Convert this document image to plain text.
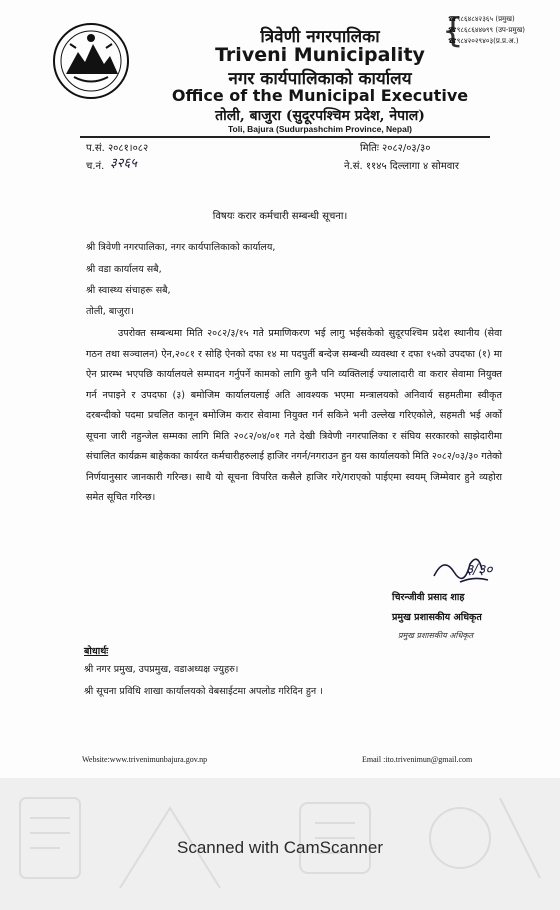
{
☎९८६४८४२३६५ (प्रमुख)
☎९८६८६४४७९९ (उप-प्रमुख)
☎९८४२०२९४०३(प्र.प्र.अ.)
त्रिवेणी नगरपालिका
Triveni Municipality
नगर कार्यपालिकाको कार्यालय
Office of the Municipal Executive
तोली, बाजुरा (सुदूरपश्चिम प्रदेश, नेपाल)
Toli, Bajura (Sudurpashchim Province, Nepal)
प.सं. २०८१।०८२
च.नं. ३२६५
मितिः २०८२/०३/३०
ने.सं. ११४५ दिल्लागा ४ सोमवार
विषयः करार कर्मचारी सम्बन्धी सूचना।
श्री त्रिवेणी नगरपालिका, नगर कार्यपालिकाको कार्यालय,
श्री वडा कार्यालय सबै,
श्री स्वास्थ्य संचाहरू सबै,
तोली, बाजुरा।

उपरोक्त सम्बन्धमा मिति २०८२/३/१५ गते प्रमाणिकरण भई लागु भईसकेको सुदूरपश्चिम प्रदेश स्थानीय (सेवा गठन तथा सञ्चालन) ऐन,२०८१ र सोहि ऐनको दफा १४ मा पदपुर्ती बन्देज सम्बन्धी व्यवस्था र दफा १५को उपदफा (१) मा ऐन प्रारम्भ भएपछि कार्यालयले सम्पादन गर्नुपर्ने कामको लागि कुनै पनि व्यक्तिलाई ज्यालादारी वा करार सेवामा नियुक्त गर्न नपाइने र उपदफा (३) बमोजिम कार्यालयलाई अति आवश्यक भएमा मन्त्रालयको अनिवार्य सहमतीमा स्वीकृत दरबन्दीको पदमा प्रचलित कानून बमोजिम करार सेवामा नियुक्त गर्न सकिने भनी उल्लेख गरिएकोले, सहमती भई अर्को सूचना जारी नहुन्जेल सम्मका लागि मिति २०८२/०४/०१ गते देखी त्रिवेणी नगरपालिका र संघिय सरकारको साझेदारीमा संचालित कार्यक्रम बाहेकका कार्यरत कर्मचारीहरुलाई हाजिर नगर्न/नगराउन हुन यस कार्यालयको मिति २०८२/०३/३० गतेको निर्णयानुसार जानकारी गरिन्छ। साथै यो सूचना विपरित कसैले हाजिर गरे/गराएको पाईएमा स्वयम् जिम्मेवार हुने व्यहोरा समेत सूचित गरिन्छ।

३/३०
चिरन्जीवी प्रसाद शाह
प्रमुख प्रशासकीय अधिकृत
प्रमुख प्रशासकीय अधिकृत
बोधार्थः
श्री नगर प्रमुख, उपप्रमुख, वडाअध्यक्ष ज्युहरु।
श्री सूचना प्रविधि शाखा कार्यालयको वेबसाईटमा अपलोड गरिदिन हुन ।
Website:www.trivenimunbajura.gov.np	Email :ito.trivenimun@gmail.com
Scanned with CamScanner
